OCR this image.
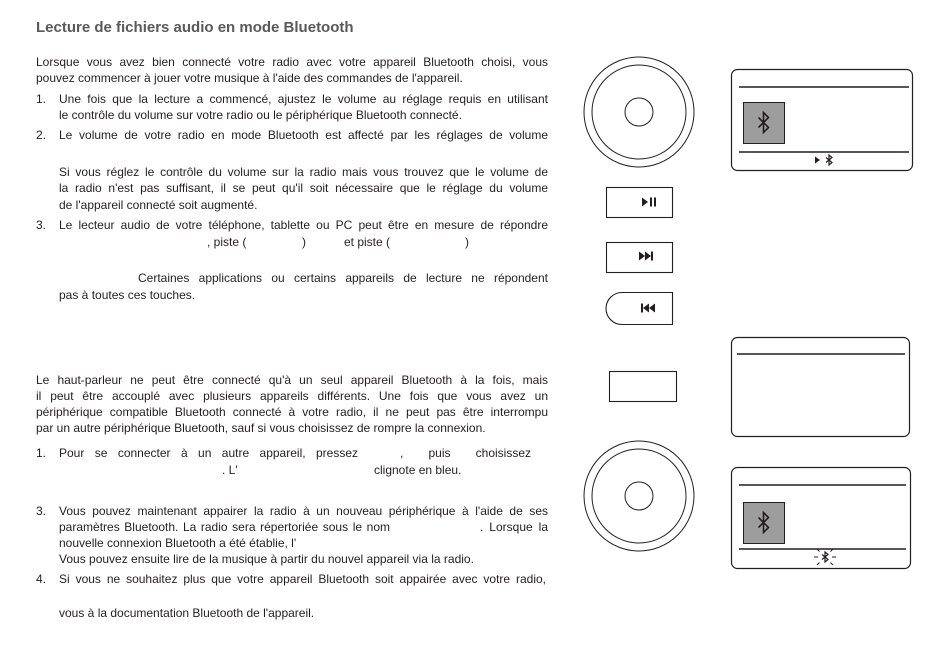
Lecture de fichiers audio en mode Bluetooth
Lorsque vous avez bien connecté votre radio avec votre appareil Bluetooth choisi, vous
pouvez commencer à jouer votre musique à l'aide des commandes de l'appareil.
1. Une fois que la lecture a commencé, ajustez le volume au réglage requis en utilisant
le contrôle du volume sur votre radio ou le périphérique Bluetooth connecté.
2. Le volume de votre radio en mode Bluetooth est affecté par les réglages de volume
Si vous réglez le contrôle du volume sur la radio mais vous trouvez que le volume de
la radio n'est pas suffisant, il se peut qu'il soit nécessaire que le réglage du volume
de l'appareil connecté soit augmenté.
3. Le lecteur audio de votre téléphone, tablette ou PC peut être en mesure de répondre
, piste (	)	et piste (	)
Certaines applications ou certains appareils de lecture ne répondent
pas à toutes ces touches.
Le haut-parleur ne peut être connecté qu'à un seul appareil Bluetooth à la fois, mais
il peut être accouplé avec plusieurs appareils différents. Une fois que vous avez un
périphérique compatible Bluetooth connecté à votre radio, il ne peut pas être interrompu
par un autre périphérique Bluetooth, sauf si vous choisissez de rompre la connexion.
1. Pour se connecter à un autre appareil, pressez	, puis choisissez
. L'	clignote en bleu.
3. Vous pouvez maintenant appairer la radio à un nouveau périphérique à l'aide de ses
paramètres Bluetooth. La radio sera répertoriée sous le nom	. Lorsque la
nouvelle connexion Bluetooth a été établie, l'
Vous pouvez ensuite lire de la musique à partir du nouvel appareil via la radio.
4. Si vous ne souhaitez plus que votre appareil Bluetooth soit appairée avec votre radio,
vous à la documentation Bluetooth de l'appareil.
